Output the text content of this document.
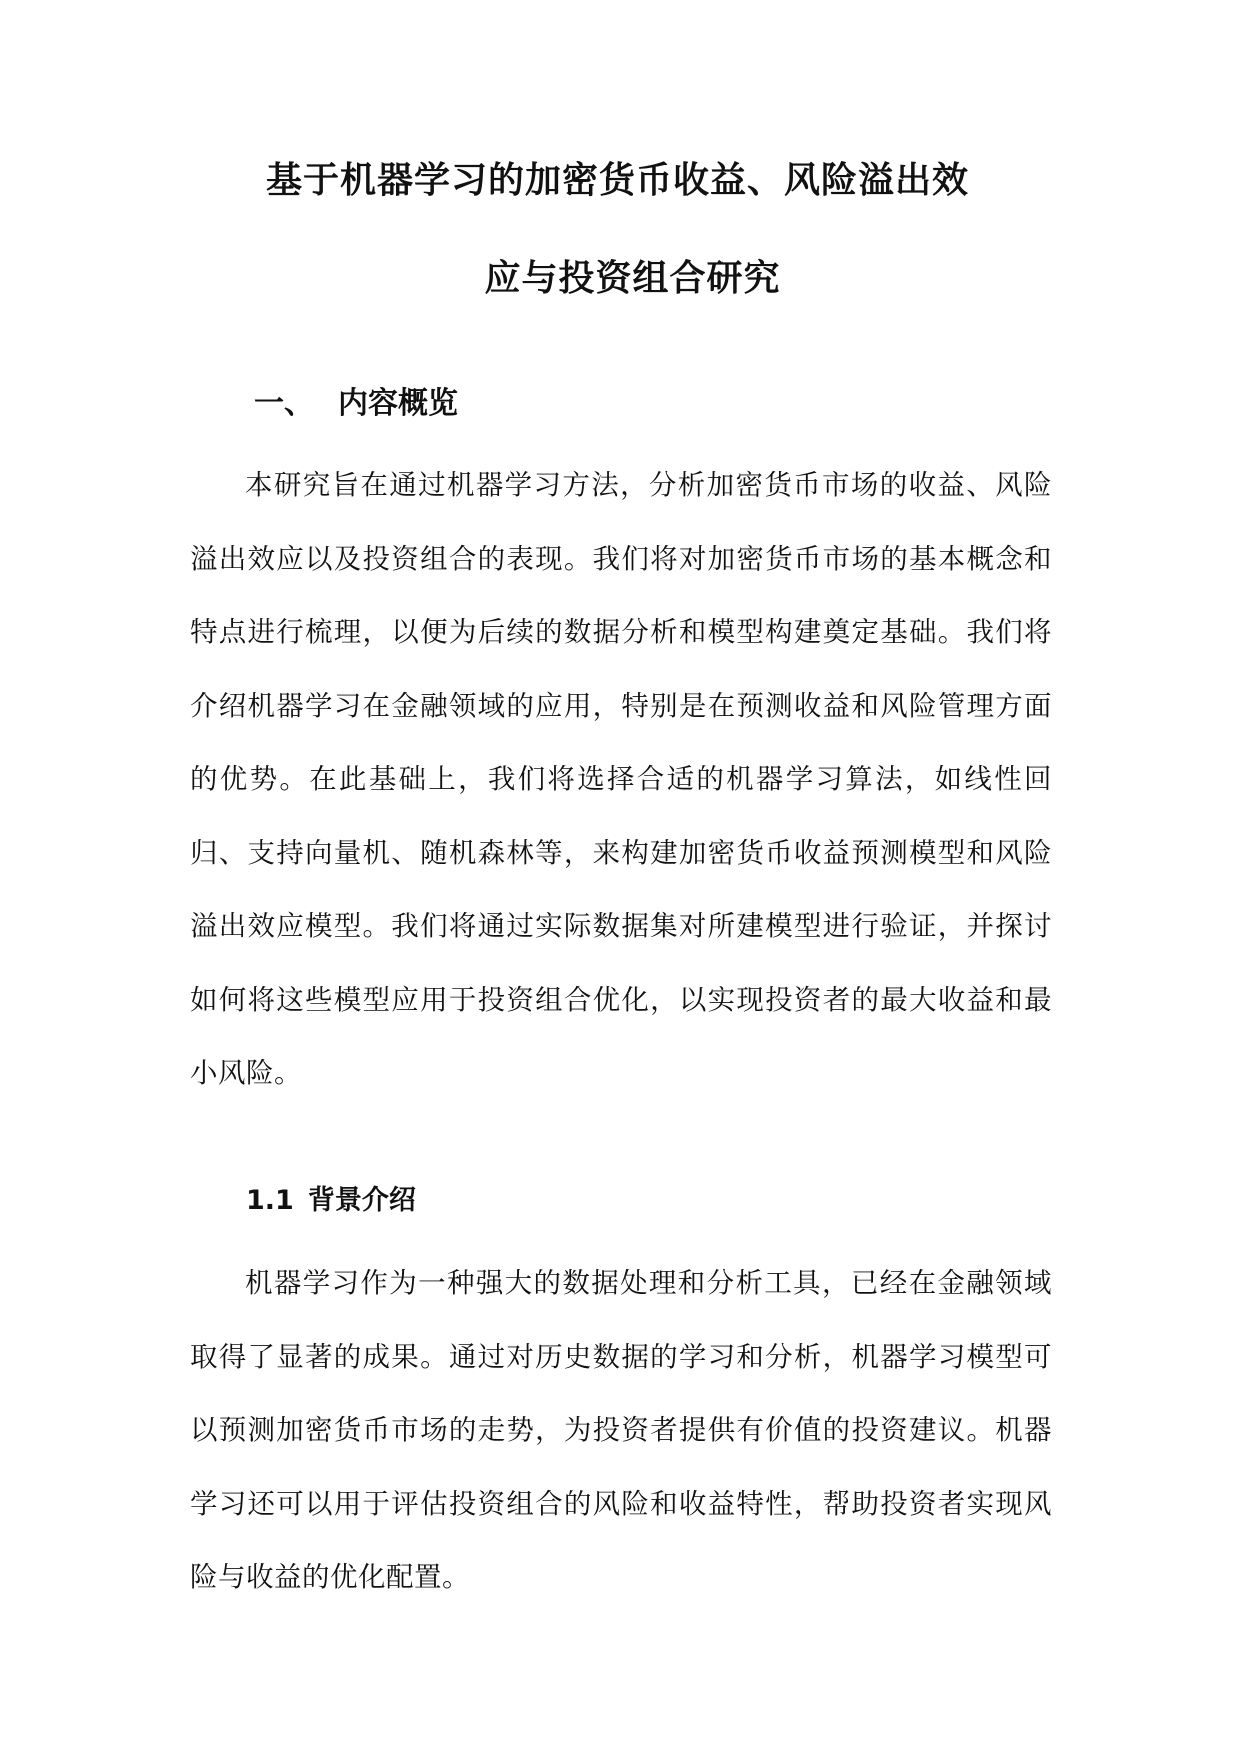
基于机器学习的加密货币收益、风险溢出效
应与投资组合研究
一、 内容概览

本研究旨在通过机器学习方法，分析加密货币市场的收益、风险溢出效应以及投资组合的表现。我们将对加密货币市场的基本概念和特点进行梳理，以便为后续的数据分析和模型构建奠定基础。我们将介绍机器学习在金融领域的应用，特别是在预测收益和风险管理方面的优势。在此基础上，我们将选择合适的机器学习算法，如线性回归、支持向量机、随机森林等，来构建加密货币收益预测模型和风险溢出效应模型。我们将通过实际数据集对所建模型进行验证，并探讨如何将这些模型应用于投资组合优化，以实现投资者的最大收益和最小风险。

1.1 背景介绍

机器学习作为一种强大的数据处理和分析工具，已经在金融领域取得了显著的成果。通过对历史数据的学习和分析，机器学习模型可以预测加密货币市场的走势，为投资者提供有价值的投资建议。机器学习还可以用于评估投资组合的风险和收益特性，帮助投资者实现风险与收益的优化配置。
